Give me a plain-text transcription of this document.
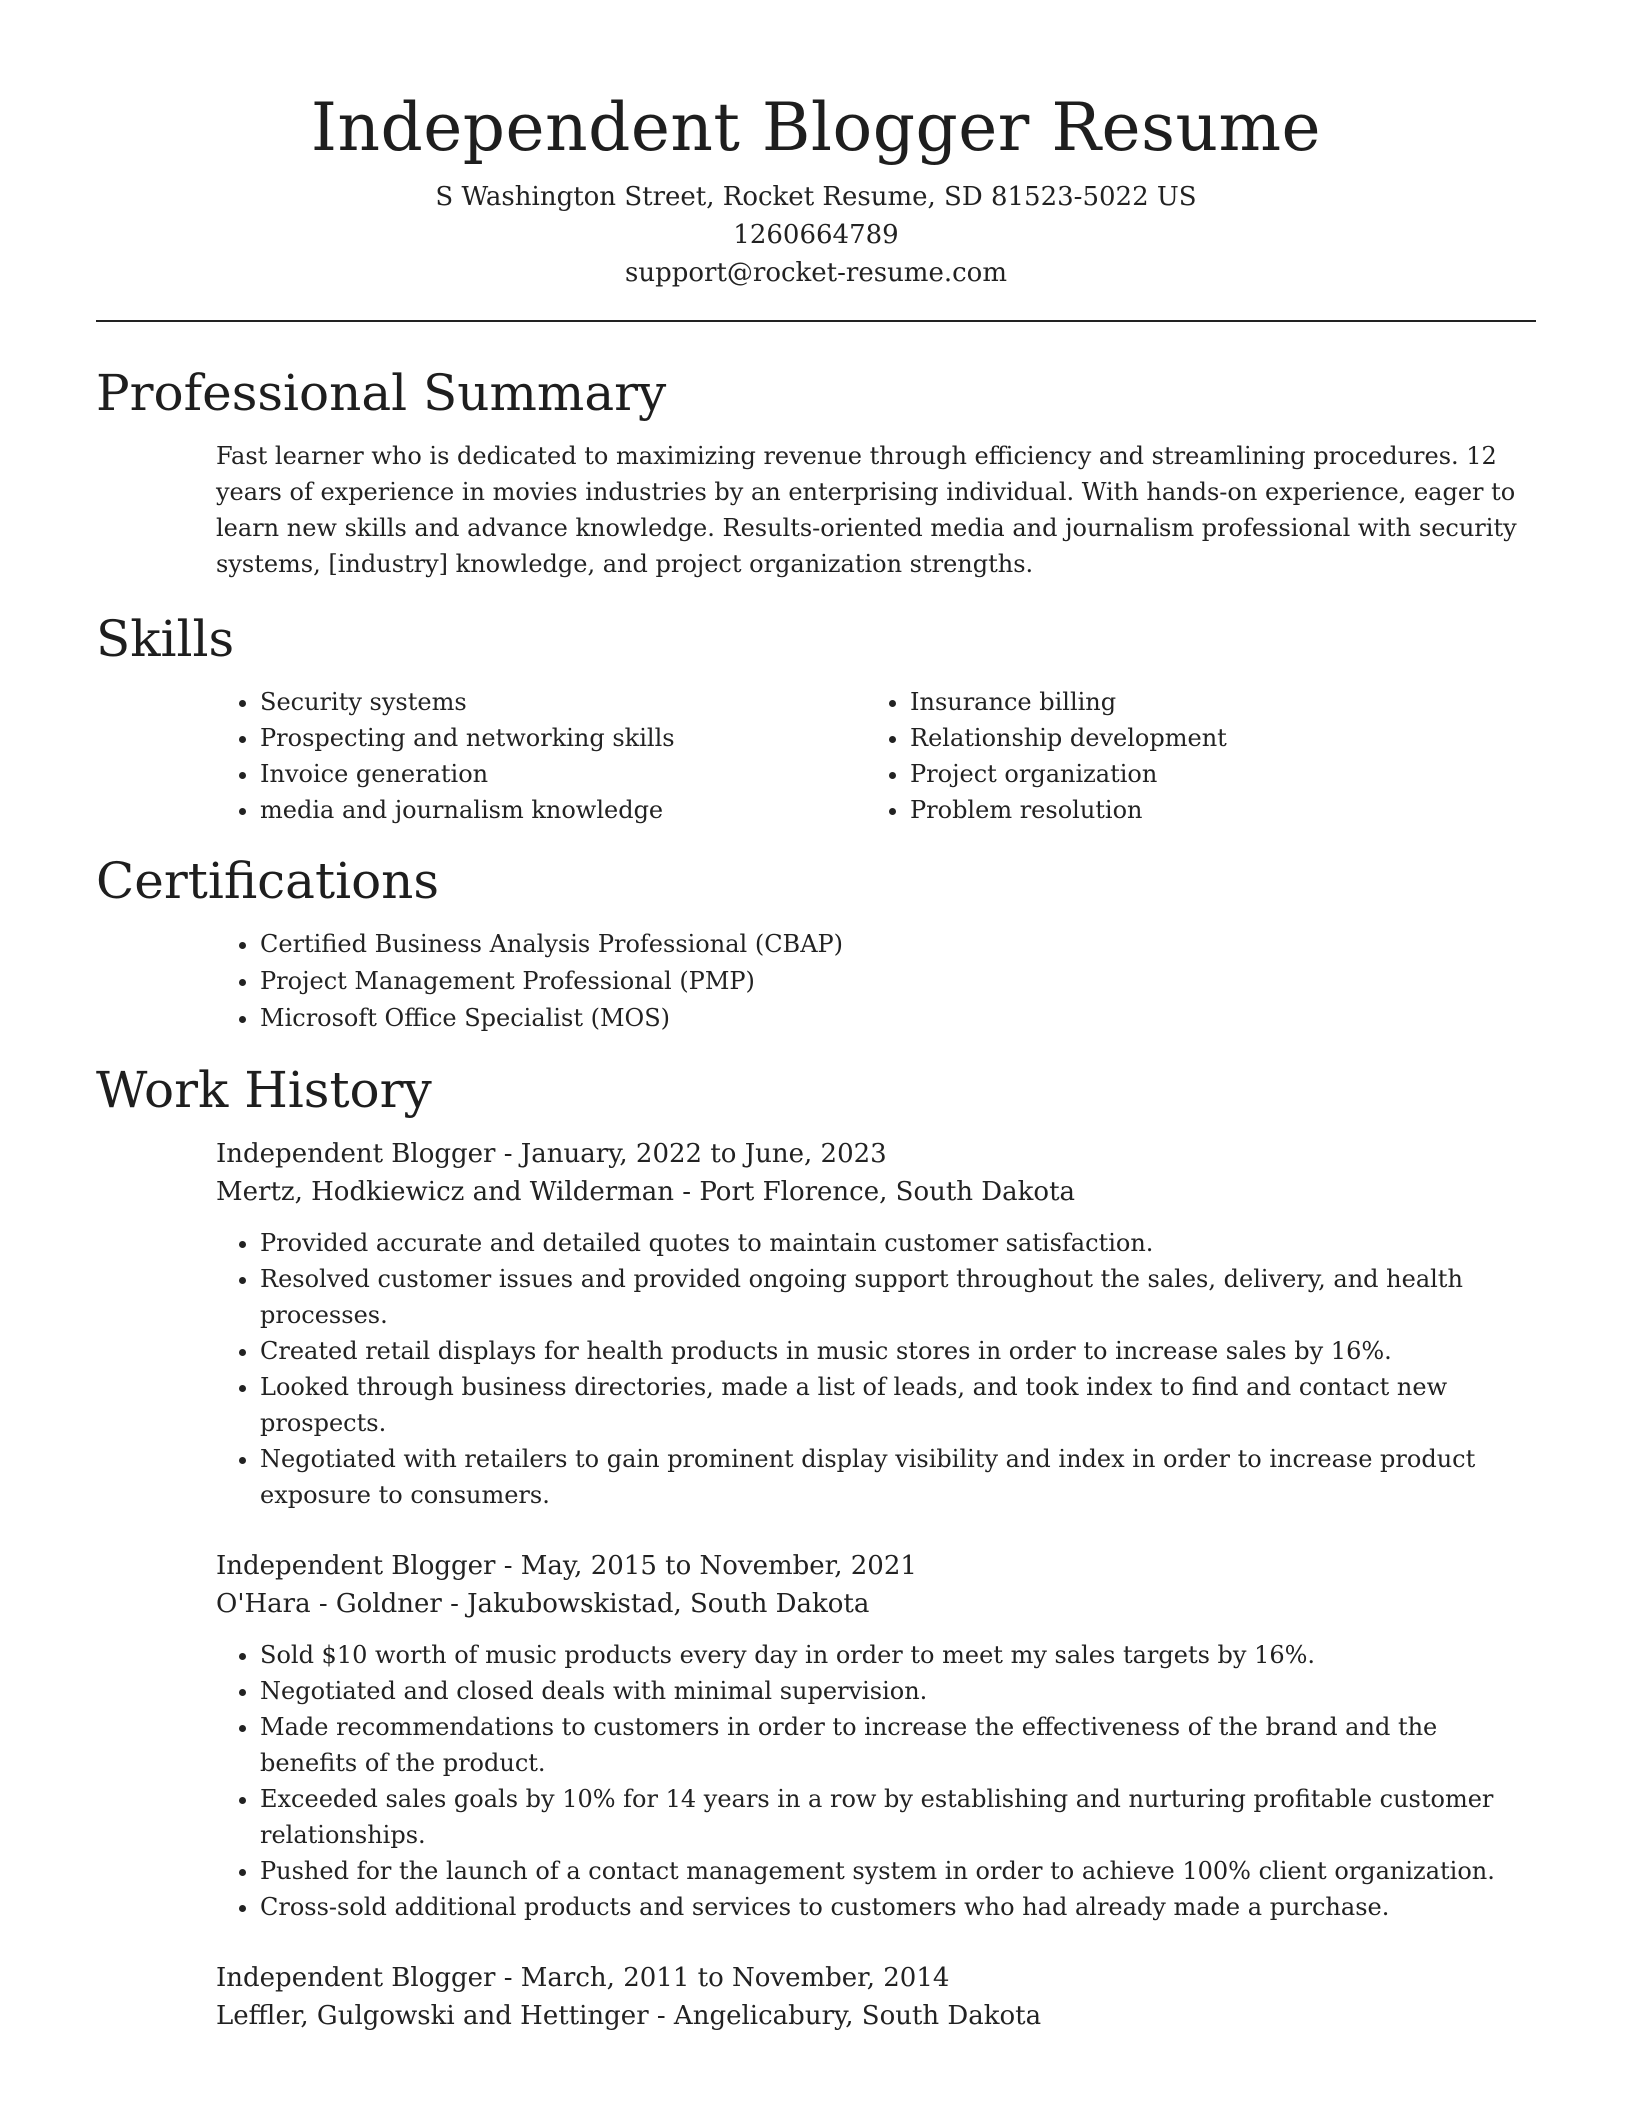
Independent Blogger Resume
S Washington Street, Rocket Resume, SD 81523-5022 US
1260664789
support@rocket-resume.com
Professional Summary

Fast learner who is dedicated to maximizing revenue through efficiency and streamlining procedures. 12 years of experience in movies industries by an enterprising individual. With hands-on experience, eager to learn new skills and advance knowledge. Results-oriented media and journalism professional with security systems, [industry] knowledge, and project organization strengths.

Skills
• Security systems
• Prospecting and networking skills
• Invoice generation
• media and journalism knowledge
• Insurance billing
• Relationship development
• Project organization
• Problem resolution
Certifications
• Certified Business Analysis Professional (CBAP)
• Project Management Professional (PMP)
• Microsoft Office Specialist (MOS)
Work History
Independent Blogger - January, 2022 to June, 2023
Mertz, Hodkiewicz and Wilderman - Port Florence, South Dakota
• Provided accurate and detailed quotes to maintain customer satisfaction.
• Resolved customer issues and provided ongoing support throughout the sales, delivery, and health processes.
• Created retail displays for health products in music stores in order to increase sales by 16%.
• Looked through business directories, made a list of leads, and took index to find and contact new prospects.
• Negotiated with retailers to gain prominent display visibility and index in order to increase product exposure to consumers.
Independent Blogger - May, 2015 to November, 2021
O'Hara - Goldner - Jakubowskistad, South Dakota
• Sold $10 worth of music products every day in order to meet my sales targets by 16%.
• Negotiated and closed deals with minimal supervision.
• Made recommendations to customers in order to increase the effectiveness of the brand and the benefits of the product.
• Exceeded sales goals by 10% for 14 years in a row by establishing and nurturing profitable customer relationships.
• Pushed for the launch of a contact management system in order to achieve 100% client organization.
• Cross-sold additional products and services to customers who had already made a purchase.
Independent Blogger - March, 2011 to November, 2014
Leffler, Gulgowski and Hettinger - Angelicabury, South Dakota
